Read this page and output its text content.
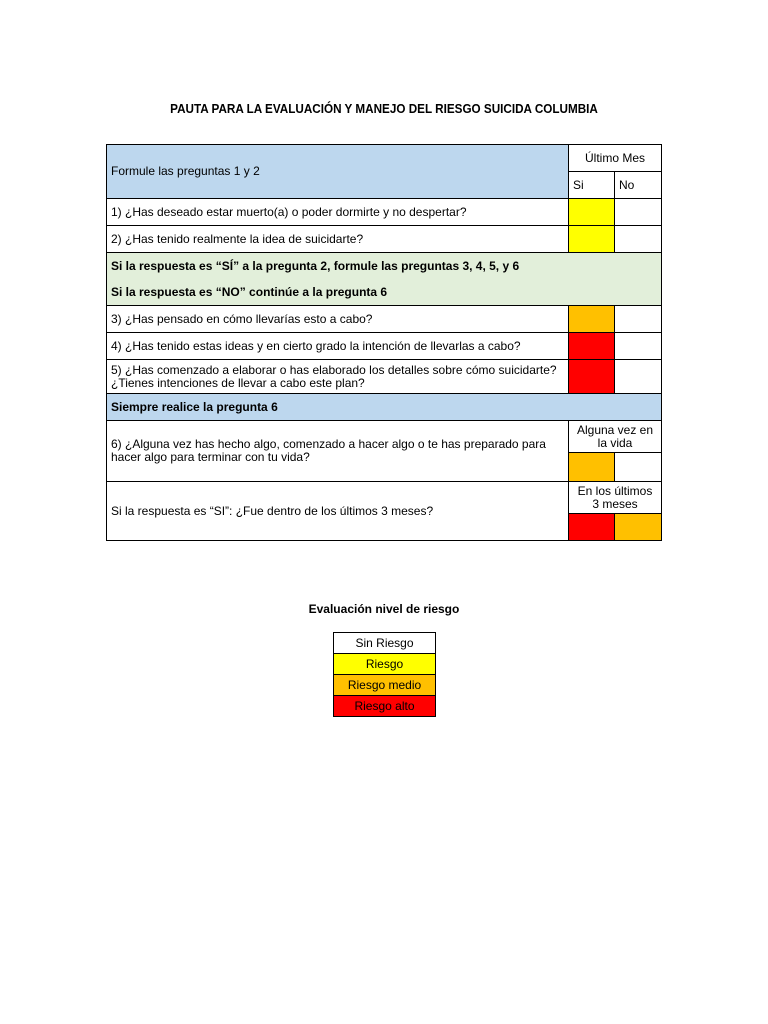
PAUTA PARA LA EVALUACIÓN Y MANEJO DEL RIESGO SUICIDA COLUMBIA
Formule las preguntas 1 y 2	Último Mes	
	Si	No
1) ¿Has deseado estar muerto(a) o poder dormirte y no despertar?		
2) ¿Has tenido realmente la idea de suicidarte?		
Si la respuesta es “SÍ” a la pregunta 2, formule las preguntas 3, 4, 5, y 6		
Si la respuesta es “NO” continúe a la pregunta 6		
3) ¿Has pensado en cómo llevarías esto a cabo?		
4) ¿Has tenido estas ideas y en cierto grado la intención de llevarlas a cabo?		

5) ¿Has comenzado a elaborar o has elaborado los detalles sobre cómo suicidarte?
¿Tienes intenciones de llevar a cabo este plan?		

Siempre realice la pregunta 6		
6) ¿Alguna vez has hecho algo, comenzado a hacer algo o te has preparado para hacer algo para terminar con tu vida?	Alguna vez en la vida	

Si la respuesta es “SI”: ¿Fue dentro de los últimos 3 meses?	En los últimos 3 meses	

Evaluación nivel de riesgo
Sin Riesgo
Riesgo
Riesgo medio
Riesgo alto
